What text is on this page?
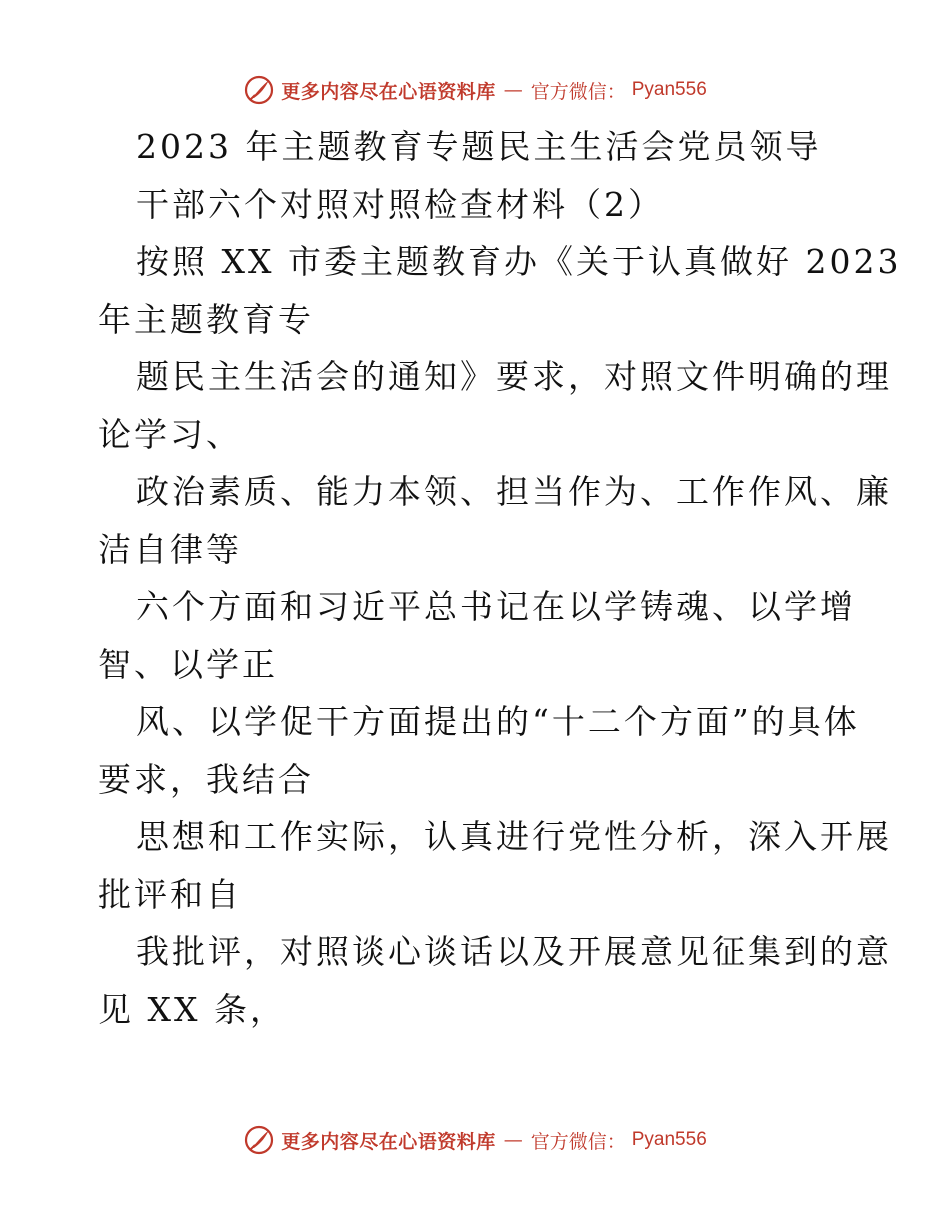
更多内容尽在心语资料库 — 官方微信： Pyan556
2023 年主题教育专题民主生活会党员领导
干部六个对照对照检查材料（2）
按照 XX 市委主题教育办《关于认真做好 2023
年主题教育专
题民主生活会的通知》要求，对照文件明确的理
论学习、
政治素质、能力本领、担当作为、工作作风、廉
洁自律等
六个方面和习近平总书记在以学铸魂、以学增
智、以学正
风、以学促干方面提出的“十二个方面”的具体
要求，我结合
思想和工作实际，认真进行党性分析，深入开展
批评和自
我批评，对照谈心谈话以及开展意见征集到的意
见 XX 条，
更多内容尽在心语资料库 — 官方微信： Pyan556
